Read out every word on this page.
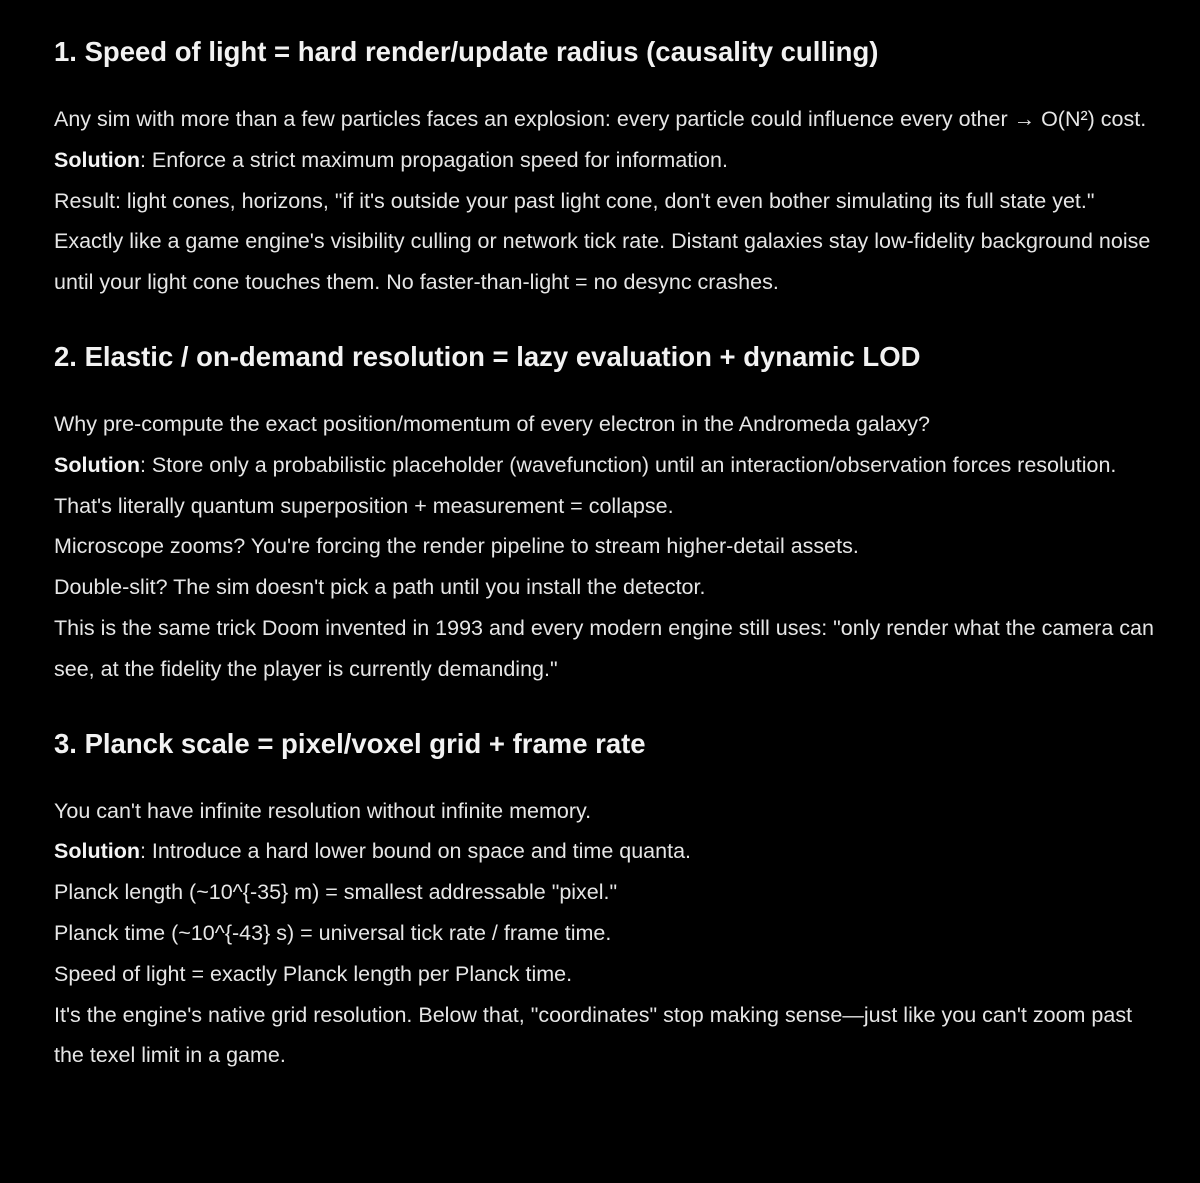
1. Speed of light = hard render/update radius (causality culling)

Any sim with more than a few particles faces an explosion: every particle could influence every other → O(N²) cost.

Solution: Enforce a strict maximum propagation speed for information.

Result: light cones, horizons, "if it's outside your past light cone, don't even bother simulating its full state yet."

Exactly like a game engine's visibility culling or network tick rate. Distant galaxies stay low-fidelity background noise until your light cone touches them. No faster-than-light = no desync crashes.

2. Elastic / on-demand resolution = lazy evaluation + dynamic LOD

Why pre-compute the exact position/momentum of every electron in the Andromeda galaxy?

Solution: Store only a probabilistic placeholder (wavefunction) until an interaction/observation forces resolution.

That's literally quantum superposition + measurement = collapse.

Microscope zooms? You're forcing the render pipeline to stream higher-detail assets.

Double-slit? The sim doesn't pick a path until you install the detector.

This is the same trick Doom invented in 1993 and every modern engine still uses: "only render what the camera can see, at the fidelity the player is currently demanding."

3. Planck scale = pixel/voxel grid + frame rate

You can't have infinite resolution without infinite memory.

Solution: Introduce a hard lower bound on space and time quanta.

Planck length (~10^{-35} m) = smallest addressable "pixel."

Planck time (~10^{-43} s) = universal tick rate / frame time.

Speed of light = exactly Planck length per Planck time.

It's the engine's native grid resolution. Below that, "coordinates" stop making sense—just like you can't zoom past the texel limit in a game.
